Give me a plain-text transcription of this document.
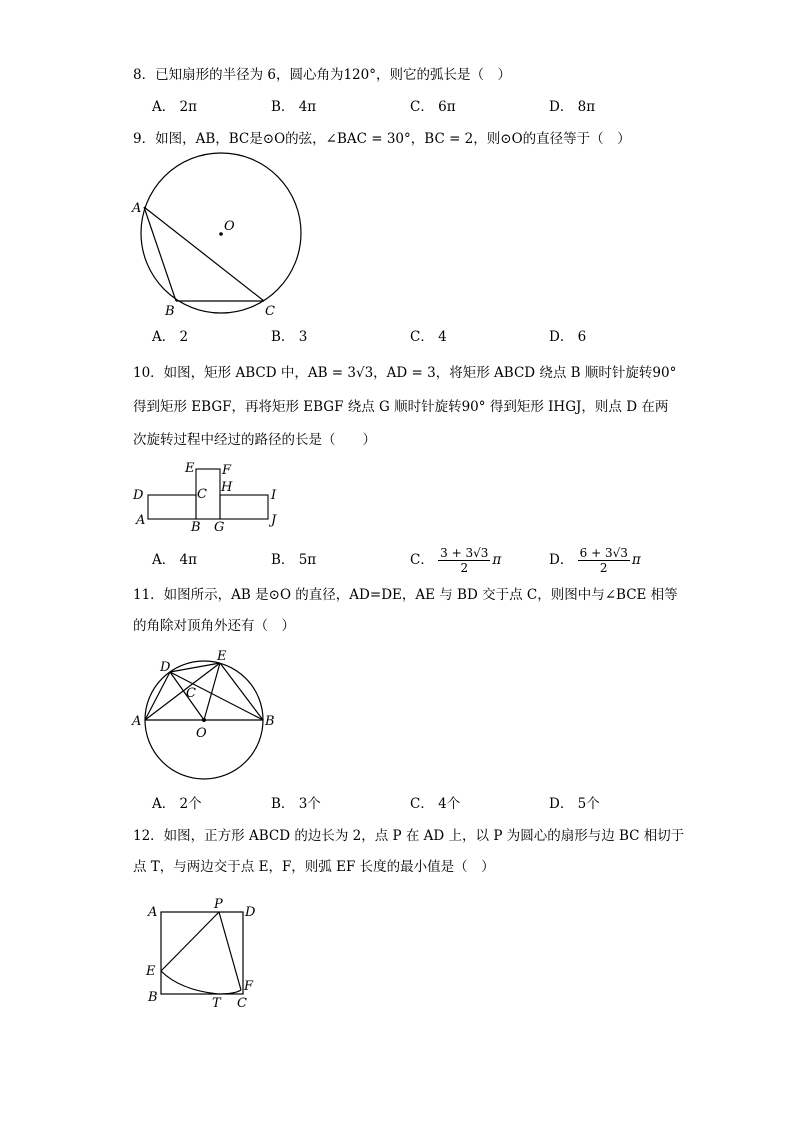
8．已知扇形的半径为 6，圆心角为120°，则它的弧长是（　）
A． 2π	B． 4π	C． 6π	D． 8π
9．如图，AB，BC是⊙O的弦，∠BAC = 30°，BC = 2，则⊙O的直径等于（　）
A
O
B	C
A． 2	B． 3	C． 4	D． 6
10．如图，矩形 ABCD 中，AB = 3√3，AD = 3，将矩形 ABCD 绕点 B 顺时针旋转90°
得到矩形 EBGF，再将矩形 EBGF 绕点 G 顺时针旋转90° 得到矩形 IHGJ，则点 D 在两
次旋转过程中经过的路径的长是（　　）
E F
D	C H
I
A	B G	J
A． 4π	B． 5π	C． $\frac{3 + 3√3}{2}$ π	D． $\frac{6 + 3√3}{2}$ π
11．如图所示，AB 是⊙O 的直径，AD=DE，AE 与 BD 交于点 C，则图中与∠BCE 相等
的角除对顶角外还有（　）
D
E
C
A	B
O
A． 2个	B． 3个	C． 4个	D． 5个
12．如图，正方形 ABCD 的边长为 2，点 P 在 AD 上，以 P 为圆心的扇形与边 BC 相切于
点 T，与两边交于点 E，F，则弧 EF 长度的最小值是（　）
A
P
D
E
F
B	T C
